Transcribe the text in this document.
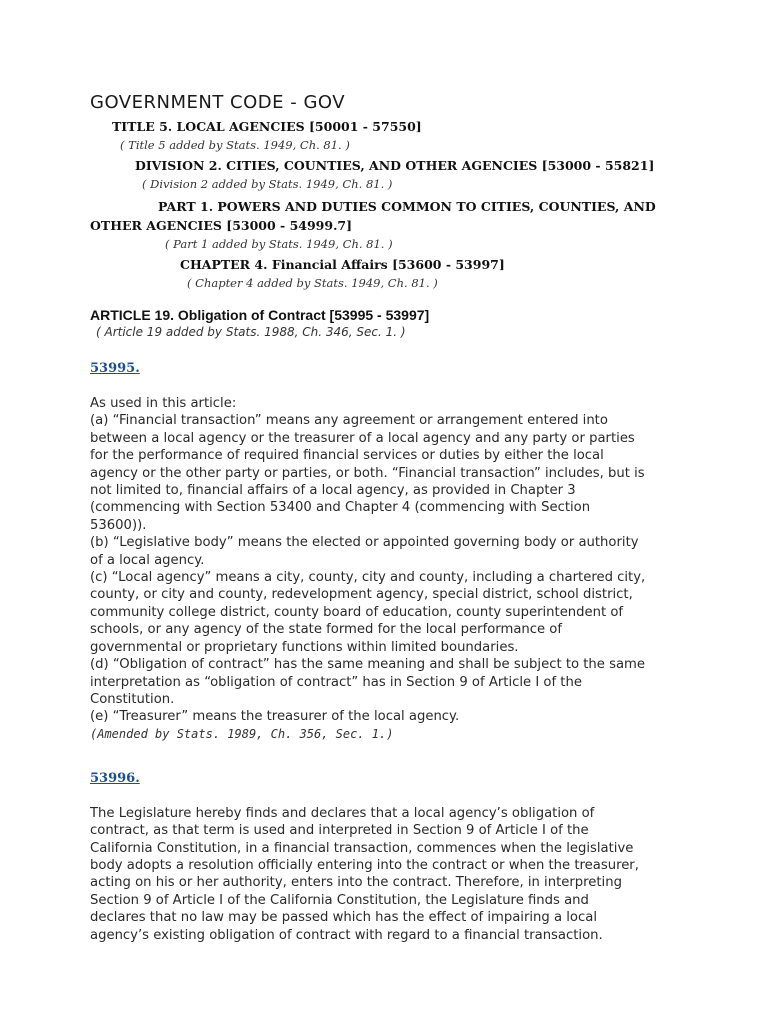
GOVERNMENT CODE - GOV
TITLE 5. LOCAL AGENCIES [50001 - 57550]
( Title 5 added by Stats. 1949, Ch. 81. )
DIVISION 2. CITIES, COUNTIES, AND OTHER AGENCIES [53000 - 55821]
( Division 2 added by Stats. 1949, Ch. 81. )
PART 1. POWERS AND DUTIES COMMON TO CITIES, COUNTIES, AND OTHER AGENCIES [53000 - 54999.7]
( Part 1 added by Stats. 1949, Ch. 81. )
CHAPTER 4. Financial Affairs [53600 - 53997]
( Chapter 4 added by Stats. 1949, Ch. 81. )
ARTICLE 19. Obligation of Contract [53995 - 53997]
( Article 19 added by Stats. 1988, Ch. 346, Sec. 1. )
53995.
As used in this article:
(a) “Financial transaction” means any agreement or arrangement entered into
between a local agency or the treasurer of a local agency and any party or parties
for the performance of required financial services or duties by either the local
agency or the other party or parties, or both. “Financial transaction” includes, but is
not limited to, financial affairs of a local agency, as provided in Chapter 3
(commencing with Section 53400 and Chapter 4 (commencing with Section
53600)).
(b) “Legislative body” means the elected or appointed governing body or authority
of a local agency.
(c) “Local agency” means a city, county, city and county, including a chartered city,
county, or city and county, redevelopment agency, special district, school district,
community college district, county board of education, county superintendent of
schools, or any agency of the state formed for the local performance of
governmental or proprietary functions within limited boundaries.
(d) “Obligation of contract” has the same meaning and shall be subject to the same
interpretation as “obligation of contract” has in Section 9 of Article I of the
Constitution.
(e) “Treasurer” means the treasurer of the local agency.
(Amended by Stats. 1989, Ch. 356, Sec. 1.)
53996.
The Legislature hereby finds and declares that a local agency’s obligation of
contract, as that term is used and interpreted in Section 9 of Article I of the
California Constitution, in a financial transaction, commences when the legislative
body adopts a resolution officially entering into the contract or when the treasurer,
acting on his or her authority, enters into the contract. Therefore, in interpreting
Section 9 of Article I of the California Constitution, the Legislature finds and
declares that no law may be passed which has the effect of impairing a local
agency’s existing obligation of contract with regard to a financial transaction.
